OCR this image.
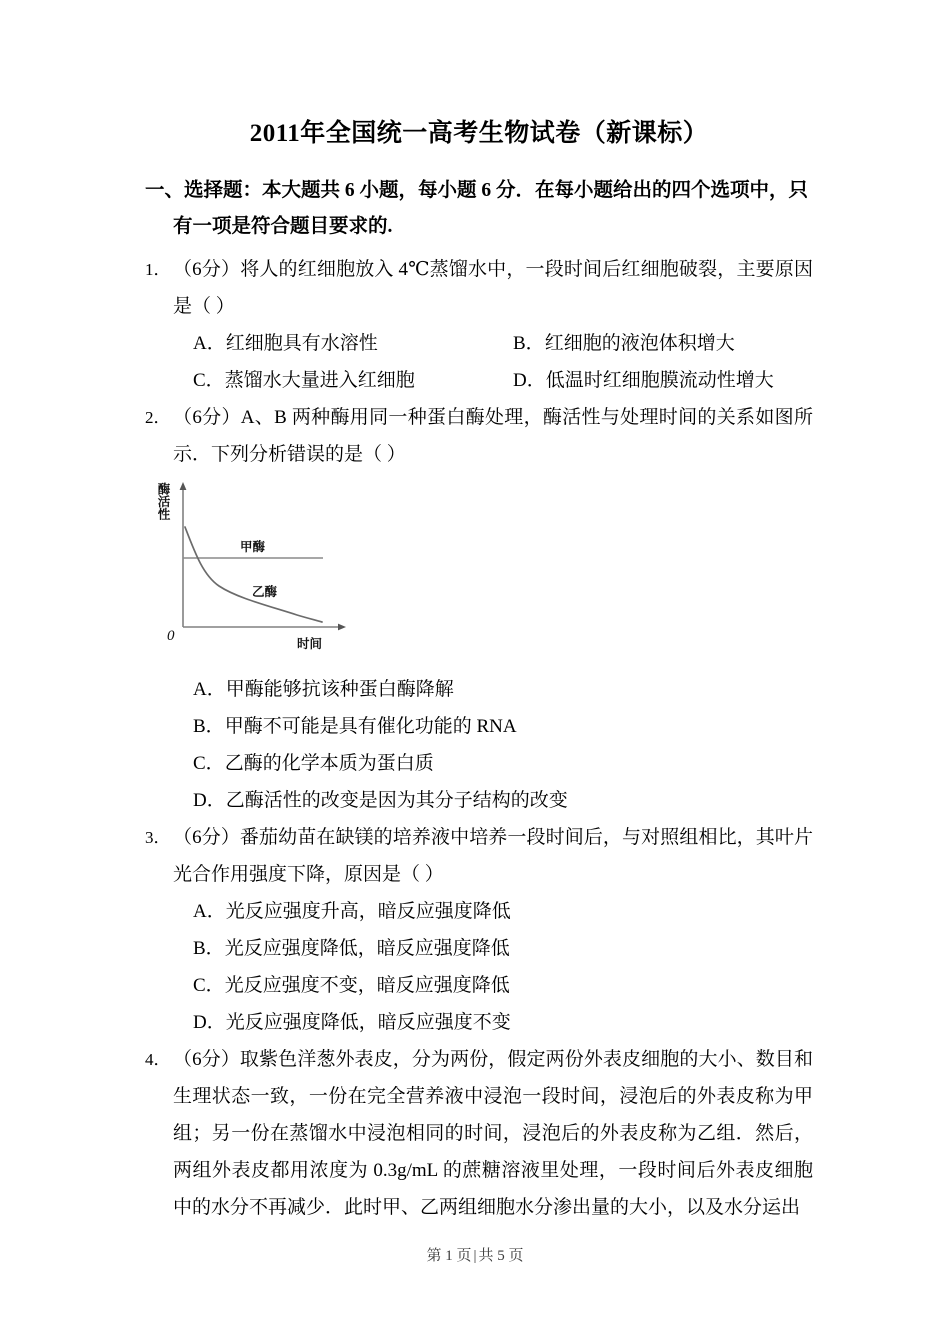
2011年全国统一高考生物试卷（新课标）
一、选择题：本大题共 6 小题，每小题 6 分．在每小题给出的四个选项中，只
有一项是符合题目要求的.
1． （6分）将人的红细胞放入 4℃蒸馏水中，一段时间后红细胞破裂，主要原因是（ ）
A．红细胞具有水溶性	B．红细胞的液泡体积增大
C．蒸馏水大量进入红细胞	D．低温时红细胞膜流动性增大
2． （6分）A、B 两种酶用同一种蛋白酶处理，酶活性与处理时间的关系如图所示．下列分析错误的是（ ）
0
酶活性
时间
甲酶
乙酶
A．甲酶能够抗该种蛋白酶降解
B．甲酶不可能是具有催化功能的 RNA
C．乙酶的化学本质为蛋白质
D．乙酶活性的改变是因为其分子结构的改变
3． （6分）番茄幼苗在缺镁的培养液中培养一段时间后，与对照组相比，其叶片光合作用强度下降，原因是（ ）
A．光反应强度升高，暗反应强度降低
B．光反应强度降低，暗反应强度降低
C．光反应强度不变，暗反应强度降低
D．光反应强度降低，暗反应强度不变
4． （6分）取紫色洋葱外表皮，分为两份，假定两份外表皮细胞的大小、数目和生理状态一致，一份在完全营养液中浸泡一段时间，浸泡后的外表皮称为甲组；另一份在蒸馏水中浸泡相同的时间，浸泡后的外表皮称为乙组．然后，两组外表皮都用浓度为 0.3g/mL 的蔗糖溶液里处理，一段时间后外表皮细胞中的水分不再减少．此时甲、乙两组细胞水分渗出量的大小，以及水分运出
第 1 页 | 共 5 页
